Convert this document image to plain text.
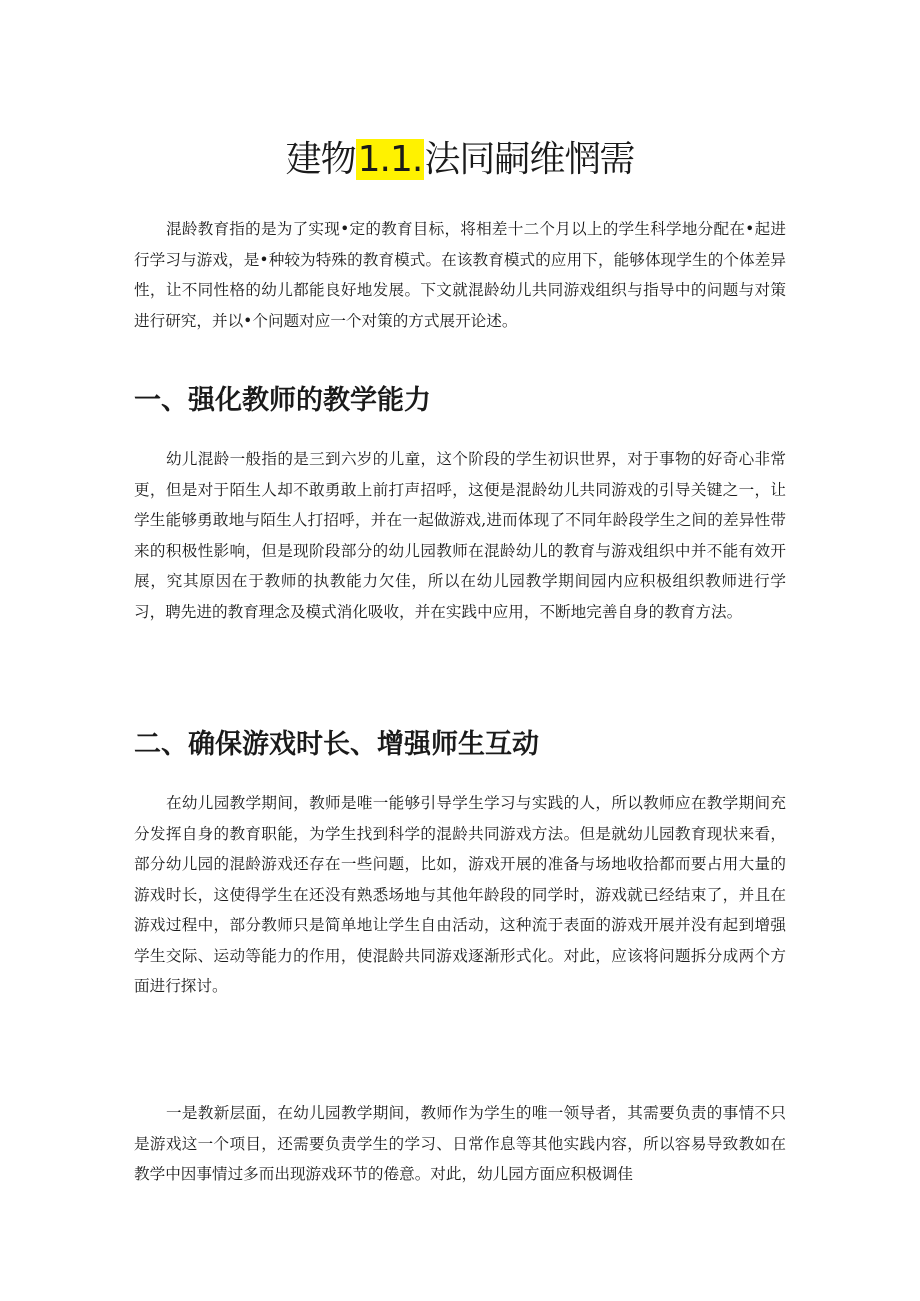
建物1.1.法同嗣维惘需

混龄教育指的是为了实现•定的教育目标，将相差十二个月以上的学生科学地分配在•起进行学习与游戏，是•种较为特殊的教育模式。在该教育模式的应用下，能够体现学生的个体差异性，让不同性格的幼儿都能良好地发展。下文就混龄幼儿共同游戏组织与指导中的问题与对策进行研究，并以•个问题对应一个对策的方式展开论述。

一、强化教师的教学能力

幼儿混龄一般指的是三到六岁的儿童，这个阶段的学生初识世界，对于事物的好奇心非常更，但是对于陌生人却不敢勇敢上前打声招呼，这便是混龄幼儿共同游戏的引导关键之一，让学生能够勇敢地与陌生人打招呼，并在一起做游戏,进而体现了不同年龄段学生之间的差异性带来的积极性影响，但是现阶段部分的幼儿园教师在混龄幼儿的教育与游戏组织中并不能有效开展，究其原因在于教师的执教能力欠佳，所以在幼儿园教学期间园内应积极组织教师进行学习，聘先进的教育理念及模式消化吸收，并在实践中应用，不断地完善自身的教育方法。

二、确保游戏时长、增强师生互动

在幼儿园教学期间，教师是唯一能够引导学生学习与实践的人，所以教师应在教学期间充分发挥自身的教育职能，为学生找到科学的混龄共同游戏方法。但是就幼儿园教育现状来看，部分幼儿园的混龄游戏还存在一些问题，比如，游戏开展的准备与场地收拾都而要占用大量的游戏时长，这使得学生在还没有熟悉场地与其他年龄段的同学时，游戏就已经结束了，并且在游戏过程中，部分教师只是简单地让学生自由活动，这种流于表面的游戏开展并没有起到增强学生交际、运动等能力的作用，使混龄共同游戏逐渐形式化。对此，应该将问题拆分成两个方面进行探讨。

一是教新层面，在幼儿园教学期间，教师作为学生的唯一领导者，其需要负责的事情不只是游戏这一个项目，还需要负责学生的学习、日常作息等其他实践内容，所以容易导致教如在教学中因事情过多而出现游戏环节的倦意。对此，幼儿园方面应积极调佳
